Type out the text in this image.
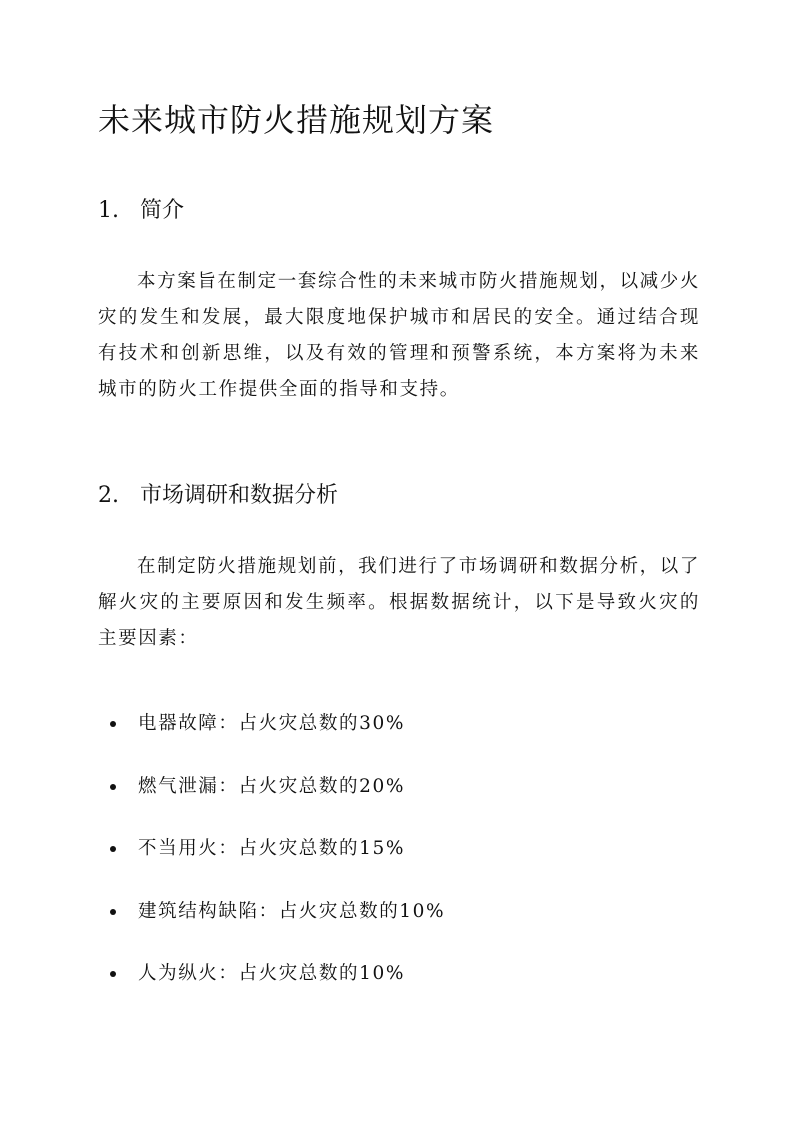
未来城市防火措施规划方案
1. 简介

本方案旨在制定一套综合性的未来城市防火措施规划，以减少火灾的发生和发展，最大限度地保护城市和居民的安全。通过结合现有技术和创新思维，以及有效的管理和预警系统，本方案将为未来城市的防火工作提供全面的指导和支持。

2. 市场调研和数据分析

在制定防火措施规划前，我们进行了市场调研和数据分析，以了解火灾的主要原因和发生频率。根据数据统计，以下是导致火灾的主要因素：

电器故障：占火灾总数的30%
燃气泄漏：占火灾总数的20%
不当用火：占火灾总数的15%
建筑结构缺陷：占火灾总数的10%
人为纵火：占火灾总数的10%
